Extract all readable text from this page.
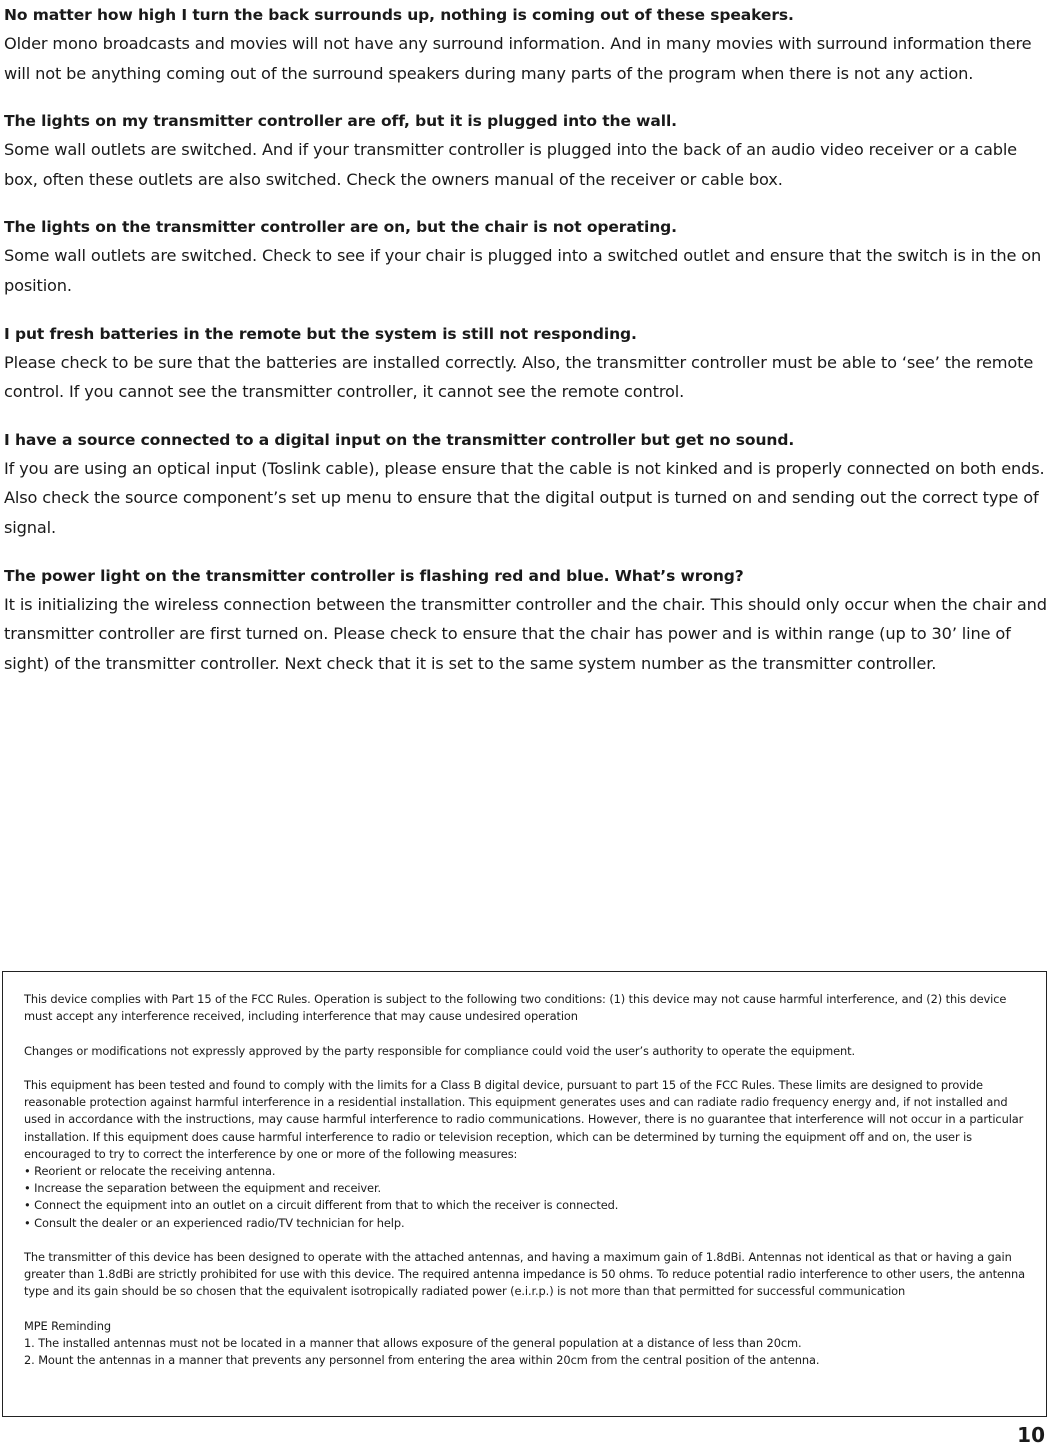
No matter how high I turn the back surrounds up, nothing is coming out of these speakers.

Older mono broadcasts and movies will not have any surround information. And in many movies with surround information there will not be anything coming out of the surround speakers during many parts of the program when there is not any action.

The lights on my transmitter controller are off, but it is plugged into the wall.

Some wall outlets are switched. And if your transmitter controller is plugged into the back of an audio video receiver or a cable box, often these outlets are also switched. Check the owners manual of the receiver or cable box.

The lights on the transmitter controller are on, but the chair is not operating.

Some wall outlets are switched. Check to see if your chair is plugged into a switched outlet and ensure that the switch is in the on position.

I put fresh batteries in the remote but the system is still not responding.

Please check to be sure that the batteries are installed correctly. Also, the transmitter controller must be able to ‘see’ the remote control. If you cannot see the transmitter controller, it cannot see the remote control.

I have a source connected to a digital input on the transmitter controller but get no sound.

If you are using an optical input (Toslink cable), please ensure that the cable is not kinked and is properly connected on both ends. Also check the source component’s set up menu to ensure that the digital output is turned on and sending out the correct type of signal.

The power light on the transmitter controller is flashing red and blue. What’s wrong?

It is initializing the wireless connection between the transmitter controller and the chair. This should only occur when the chair and transmitter controller are first turned on. Please check to ensure that the chair has power and is within range (up to 30’ line of sight) of the transmitter controller. Next check that it is set to the same system number as the transmitter controller.

This device complies with Part 15 of the FCC Rules. Operation is subject to the following two conditions: (1) this device may not cause harmful interference, and (2) this device must accept any interference received, including interference that may cause undesired operation

Changes or modifications not expressly approved by the party responsible for compliance could void the user’s authority to operate the equipment.

This equipment has been tested and found to comply with the limits for a Class B digital device, pursuant to part 15 of the FCC Rules. These limits are designed to provide reasonable protection against harmful interference in a residential installation. This equipment generates uses and can radiate radio frequency energy and, if not installed and used in accordance with the instructions, may cause harmful interference to radio communications. However, there is no guarantee that interference will not occur in a particular installation. If this equipment does cause harmful interference to radio or television reception, which can be determined by turning the equipment off and on, the user is encouraged to try to correct the interference by one or more of the following measures:
• Reorient or relocate the receiving antenna.
• Increase the separation between the equipment and receiver.
• Connect the equipment into an outlet on a circuit different from that to which the receiver is connected.
• Consult the dealer or an experienced radio/TV technician for help.

The transmitter of this device has been designed to operate with the attached antennas, and having a maximum gain of 1.8dBi. Antennas not identical as that or having a gain greater than 1.8dBi are strictly prohibited for use with this device. The required antenna impedance is 50 ohms. To reduce potential radio interference to other users, the antenna type and its gain should be so chosen that the equivalent isotropically radiated power (e.i.r.p.) is not more than that permitted for successful communication

MPE Reminding
1. The installed antennas must not be located in a manner that allows exposure of the general population at a distance of less than 20cm.
2. Mount the antennas in a manner that prevents any personnel from entering the area within 20cm from the central position of the antenna.
10
